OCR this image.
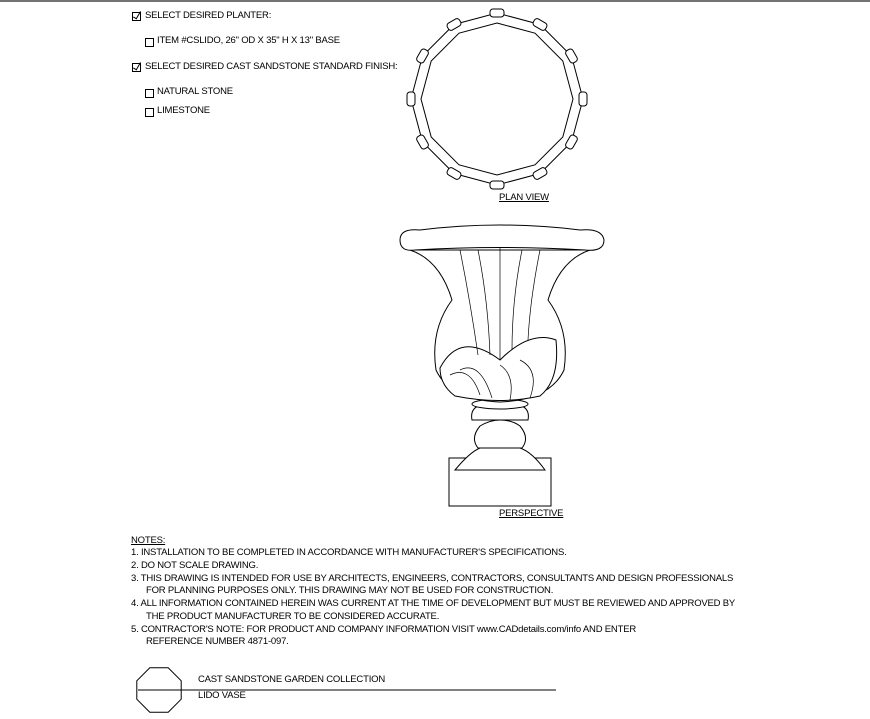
SELECT DESIRED PLANTER:
ITEM #CSLIDO, 26" OD X 35" H X 13" BASE
SELECT DESIRED CAST SANDSTONE STANDARD FINISH:
NATURAL STONE
LIMESTONE
PLAN VIEW
PERSPECTIVE
NOTES:
1. INSTALLATION TO BE COMPLETED IN ACCORDANCE WITH MANUFACTURER'S SPECIFICATIONS.
2. DO NOT SCALE DRAWING.
3. THIS DRAWING IS INTENDED FOR USE BY ARCHITECTS, ENGINEERS, CONTRACTORS, CONSULTANTS AND DESIGN PROFESSIONALS
FOR PLANNING PURPOSES ONLY. THIS DRAWING MAY NOT BE USED FOR CONSTRUCTION.
4. ALL INFORMATION CONTAINED HEREIN WAS CURRENT AT THE TIME OF DEVELOPMENT BUT MUST BE REVIEWED AND APPROVED BY
THE PRODUCT MANUFACTURER TO BE CONSIDERED ACCURATE.
5. CONTRACTOR'S NOTE: FOR PRODUCT AND COMPANY INFORMATION VISIT www.CADdetails.com/info AND ENTER
REFERENCE NUMBER 4871-097.
CAST SANDSTONE GARDEN COLLECTION
LIDO VASE
